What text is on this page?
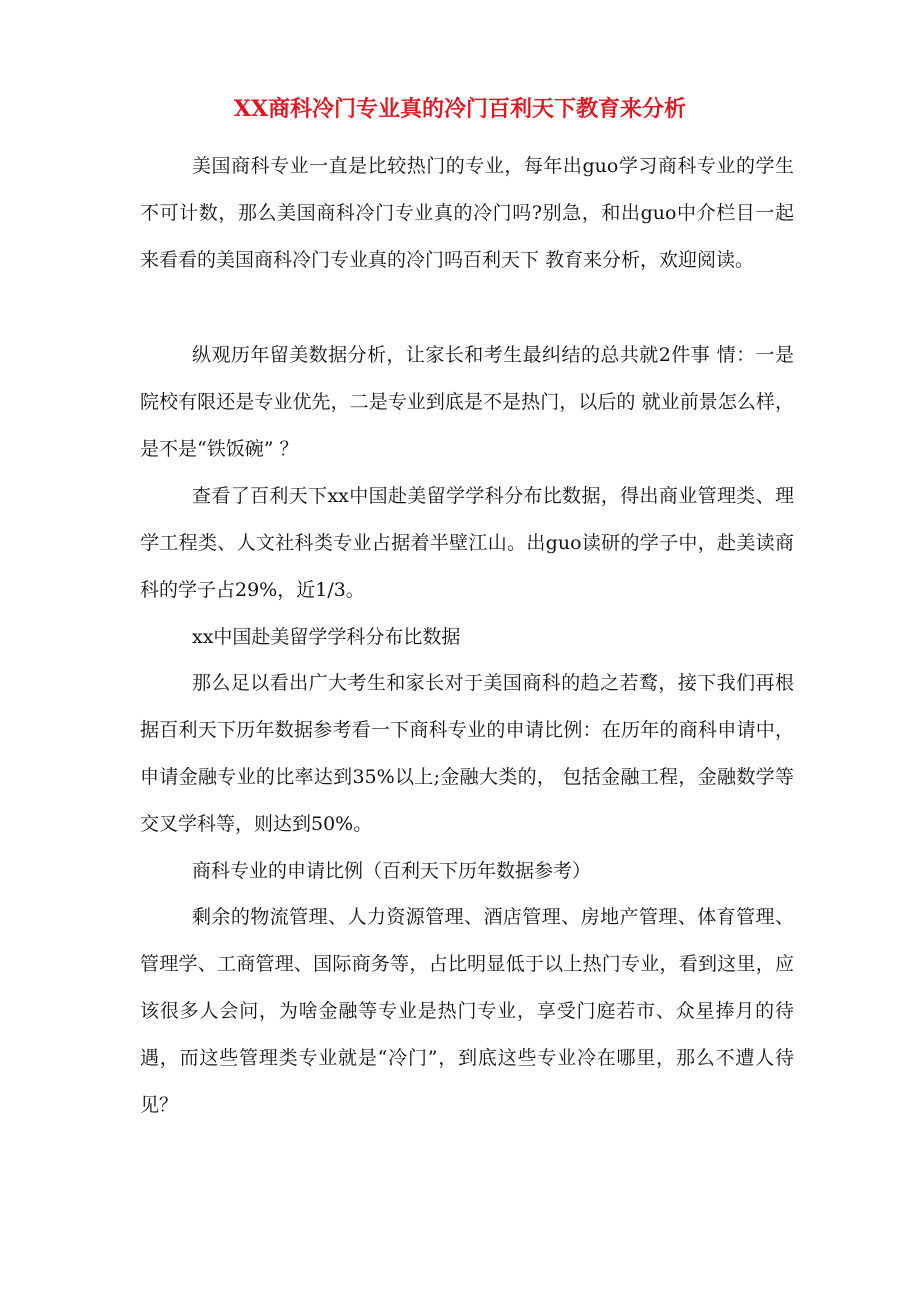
XX商科冷门专业真的冷门百利天下教育来分析

美国商科专业一直是比较热门的专业，每年出guo学习商科专业的学生不可计数，那么美国商科冷门专业真的冷门吗?别急，和出guo中介栏目一起来看看的美国商科冷门专业真的冷门吗百利天下 教育来分析，欢迎阅读。

纵观历年留美数据分析，让家长和考生最纠结的总共就2件事 情：一是院校有限还是专业优先，二是专业到底是不是热门，以后的 就业前景怎么样，是不是“铁饭碗” ？

查看了百利天下xx中国赴美留学学科分布比数据，得出商业管理类、理学工程类、人文社科类专业占据着半壁江山。出guo读研的学子中，赴美读商科的学子占29%，近1/3。

xx中国赴美留学学科分布比数据

那么足以看出广大考生和家长对于美国商科的趋之若鹜，接下我们再根据百利天下历年数据参考看一下商科专业的申请比例：在历年的商科申请中，申请金融专业的比率达到35%以上;金融大类的， 包括金融工程，金融数学等交叉学科等，则达到50%。

商科专业的申请比例（百利天下历年数据参考）

剩余的物流管理、人力资源管理、酒店管理、房地产管理、体育管理、管理学、工商管理、国际商务等，占比明显低于以上热门专业，看到这里，应该很多人会问，为啥金融等专业是热门专业，享受门庭若市、众星捧月的待遇，而这些管理类专业就是“冷门”，到底这些专业冷在哪里，那么不遭人待见？
